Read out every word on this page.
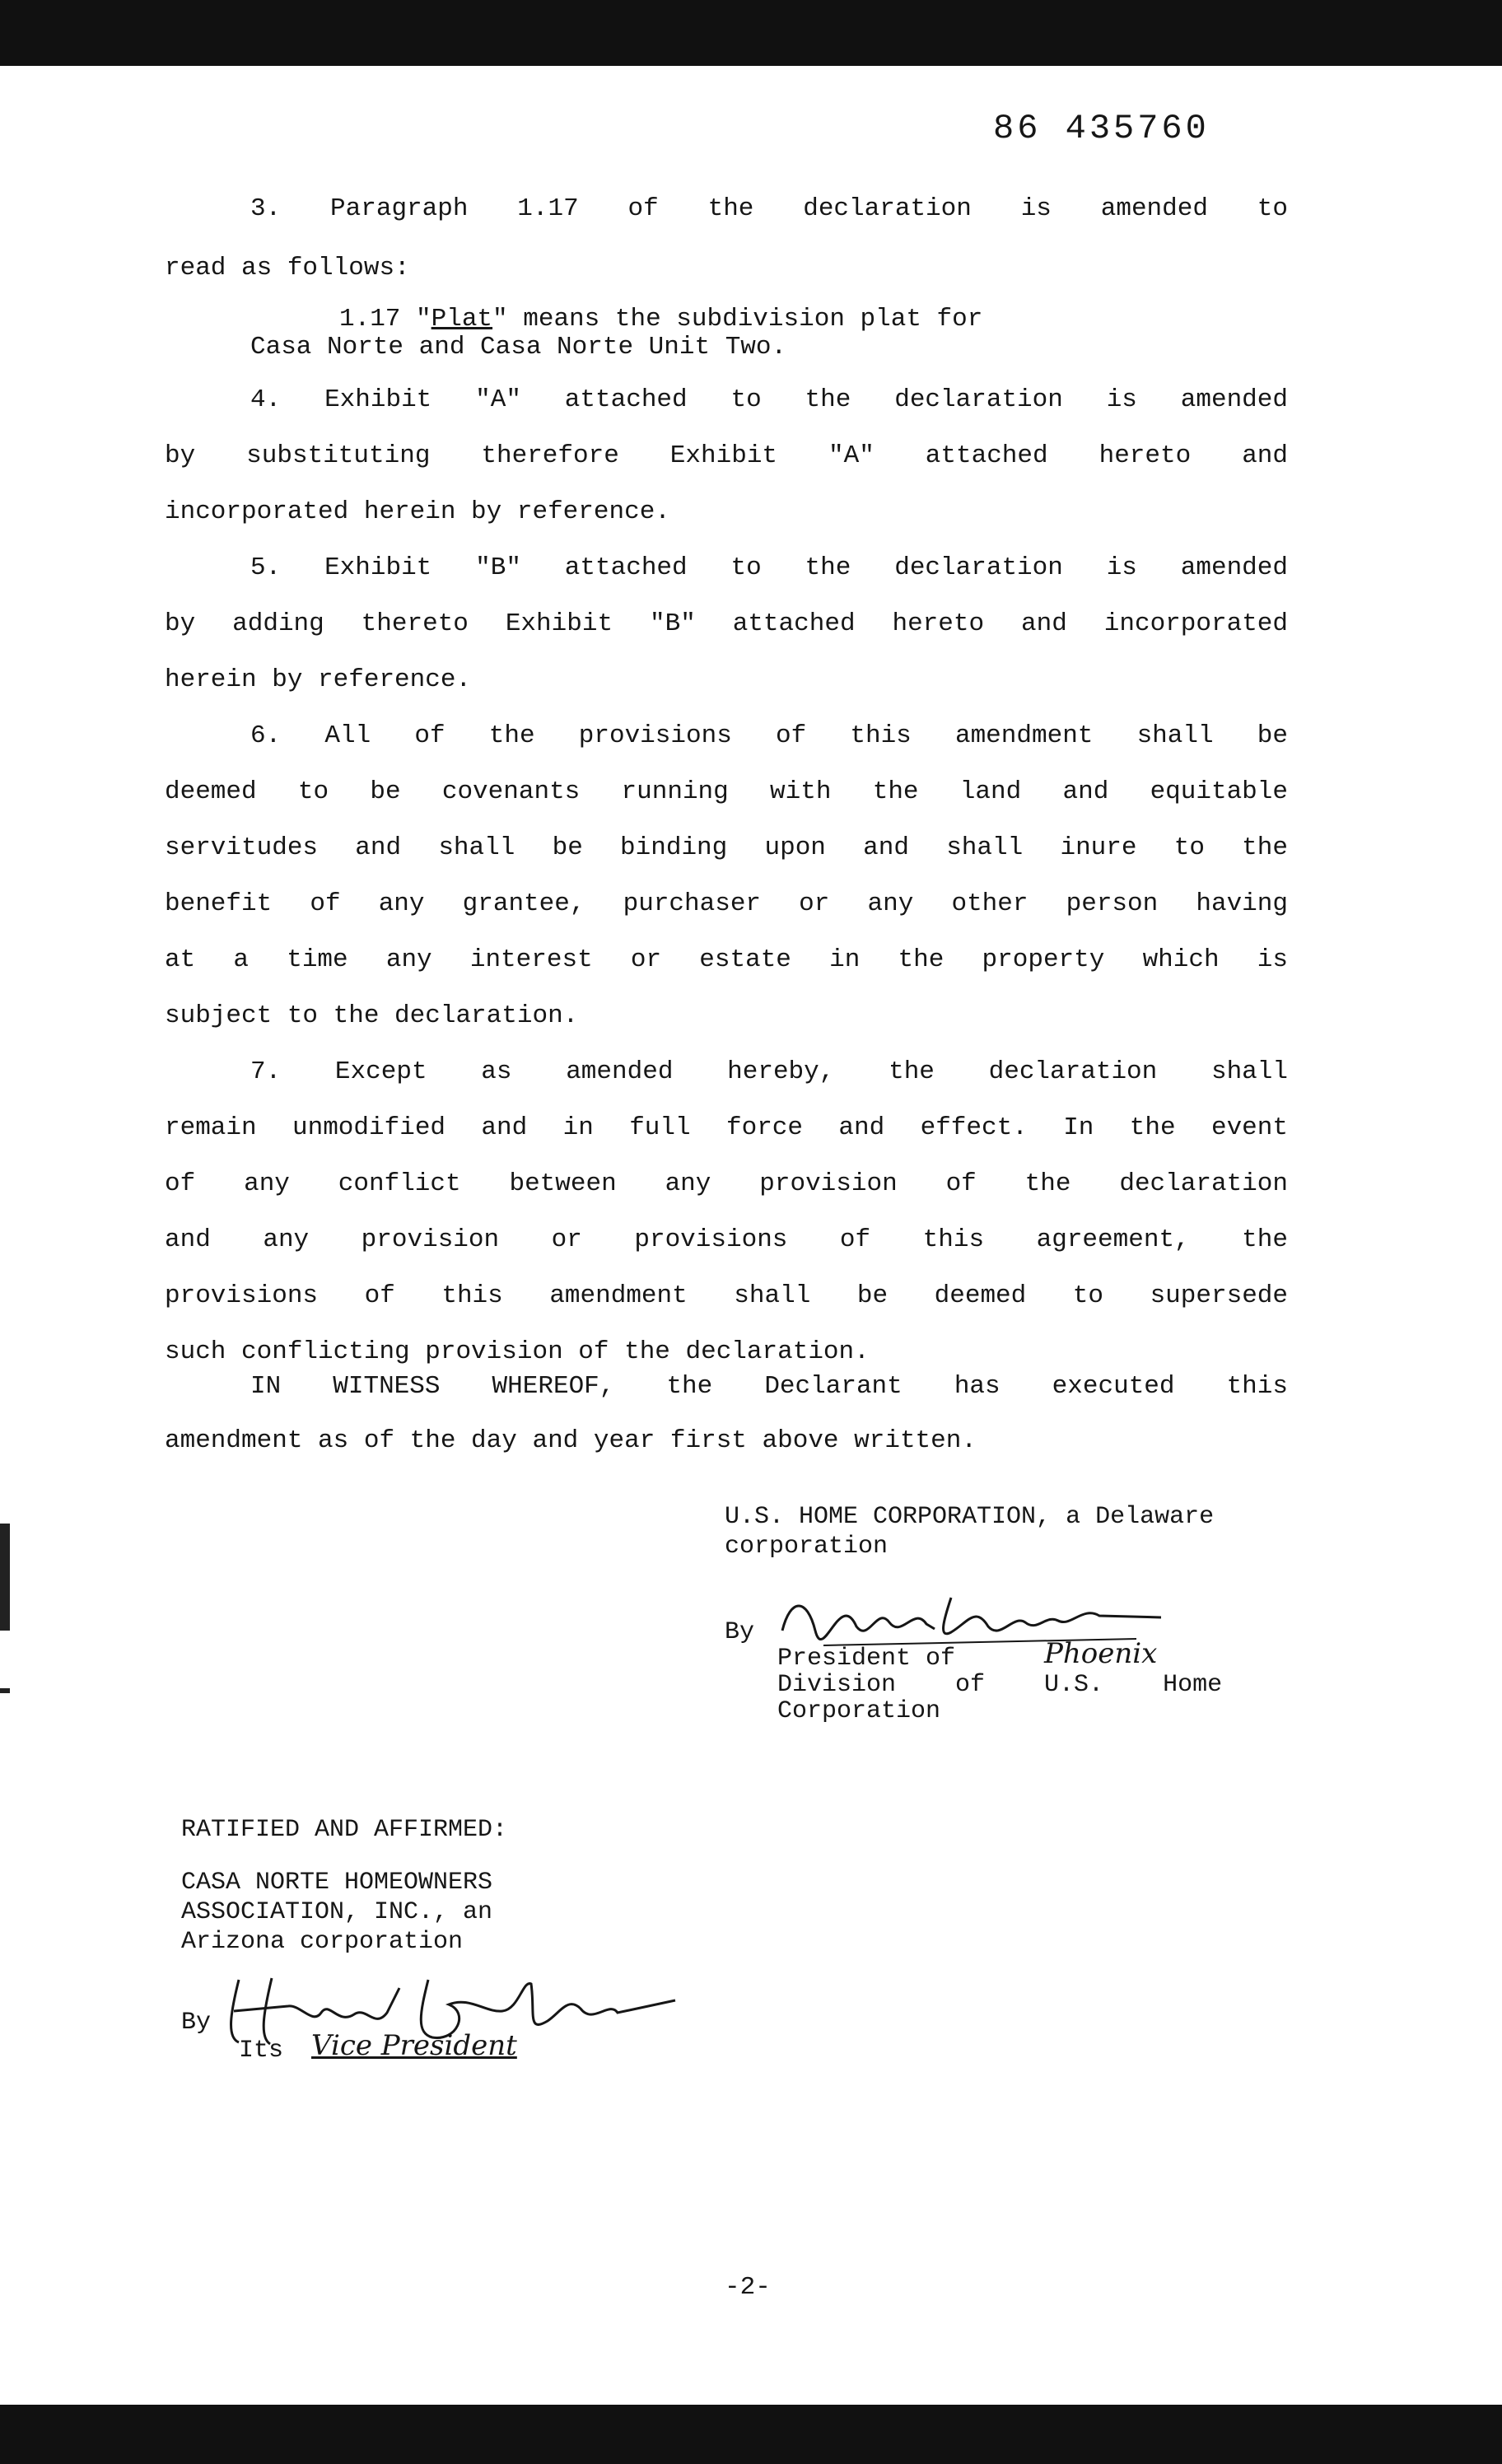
86 435760
3. Paragraph 1.17 of the declaration is amended to
read as follows:
1.17 "Plat" means the subdivision plat for
Casa Norte and Casa Norte Unit Two.
4. Exhibit "A" attached to the declaration is amended
by substituting therefore Exhibit "A" attached hereto and
incorporated herein by reference.
5. Exhibit "B" attached to the declaration is amended
by adding thereto Exhibit "B" attached hereto and incorporated
herein by reference.
6. All of the provisions of this amendment shall be
deemed to be covenants running with the land and equitable
servitudes and shall be binding upon and shall inure to the
benefit of any grantee, purchaser or any other person having
at a time any interest or estate in the property which is
subject to the declaration.
7. Except as amended hereby, the declaration shall
remain unmodified and in full force and effect. In the event
of any conflict between any provision of the declaration
and any provision or provisions of this agreement, the
provisions of this amendment shall be deemed to supersede
such conflicting provision of the declaration.
IN WITNESS WHEREOF, the Declarant has executed this
amendment as of the day and year first above written.
U.S. HOME CORPORATION, a Delaware
corporation
By
President of	Phoenix
Division    of    U.S.    Home
Corporation
RATIFIED AND AFFIRMED:
CASA NORTE HOMEOWNERS
ASSOCIATION, INC., an
Arizona corporation
By
Its Vice President
-2-
